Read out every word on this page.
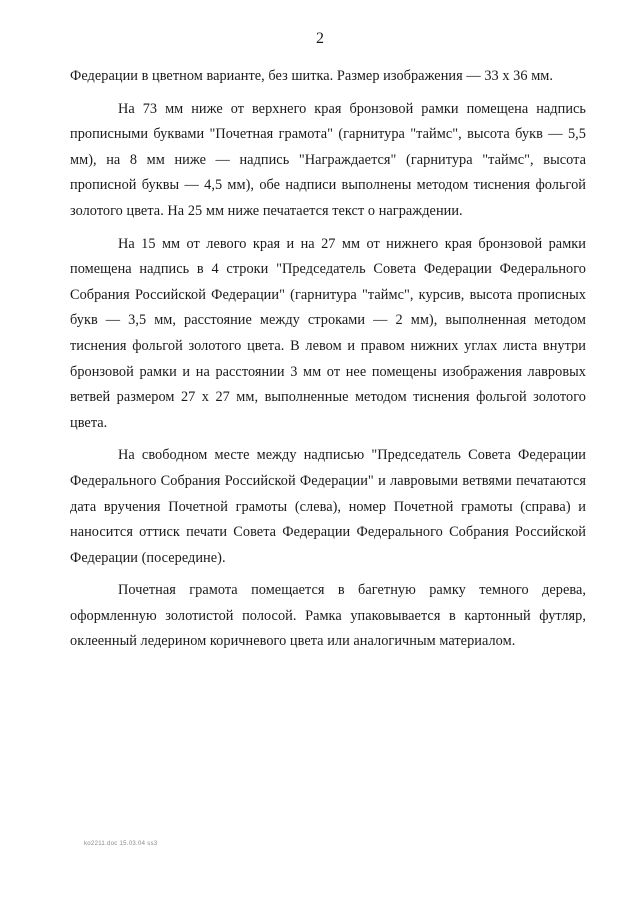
2

Федерации в цветном варианте, без шитка. Размер изображения — 33 х 36 мм.

На 73 мм ниже от верхнего края бронзовой рамки помещена надпись прописными буквами "Почетная грамота" (гарнитура "таймс", высота букв — 5,5 мм), на 8 мм ниже — надпись "Награждается" (гарнитура "таймс", высота прописной буквы — 4,5 мм), обе надписи выполнены методом тиснения фольгой золотого цвета. На 25 мм ниже печатается текст о награждении.

На 15 мм от левого края и на 27 мм от нижнего края бронзовой рамки помещена надпись в 4 строки "Председатель Совета Федерации Федерального Собрания Российской Федерации" (гарнитура "таймс", курсив, высота прописных букв — 3,5 мм, расстояние между строками — 2 мм), выполненная методом тиснения фольгой золотого цвета. В левом и правом нижних углах листа внутри бронзовой рамки и на расстоянии 3 мм от нее помещены изображения лавровых ветвей размером 27 х 27 мм, выполненные методом тиснения фольгой золотого цвета.

На свободном месте между надписью "Председатель Совета Федерации Федерального Собрания Российской Федерации" и лавровыми ветвями печатаются дата вручения Почетной грамоты (слева), номер Почетной грамоты (справа) и наносится оттиск печати Совета Федерации Федерального Собрания Российской Федерации (посередине).

Почетная грамота помещается в багетную рамку темного дерева, оформленную золотистой полосой. Рамка упаковывается в картонный футляр, оклеенный ледерином коричневого цвета или аналогичным материалом.

ko2211.doc 15.03.04 ss3
